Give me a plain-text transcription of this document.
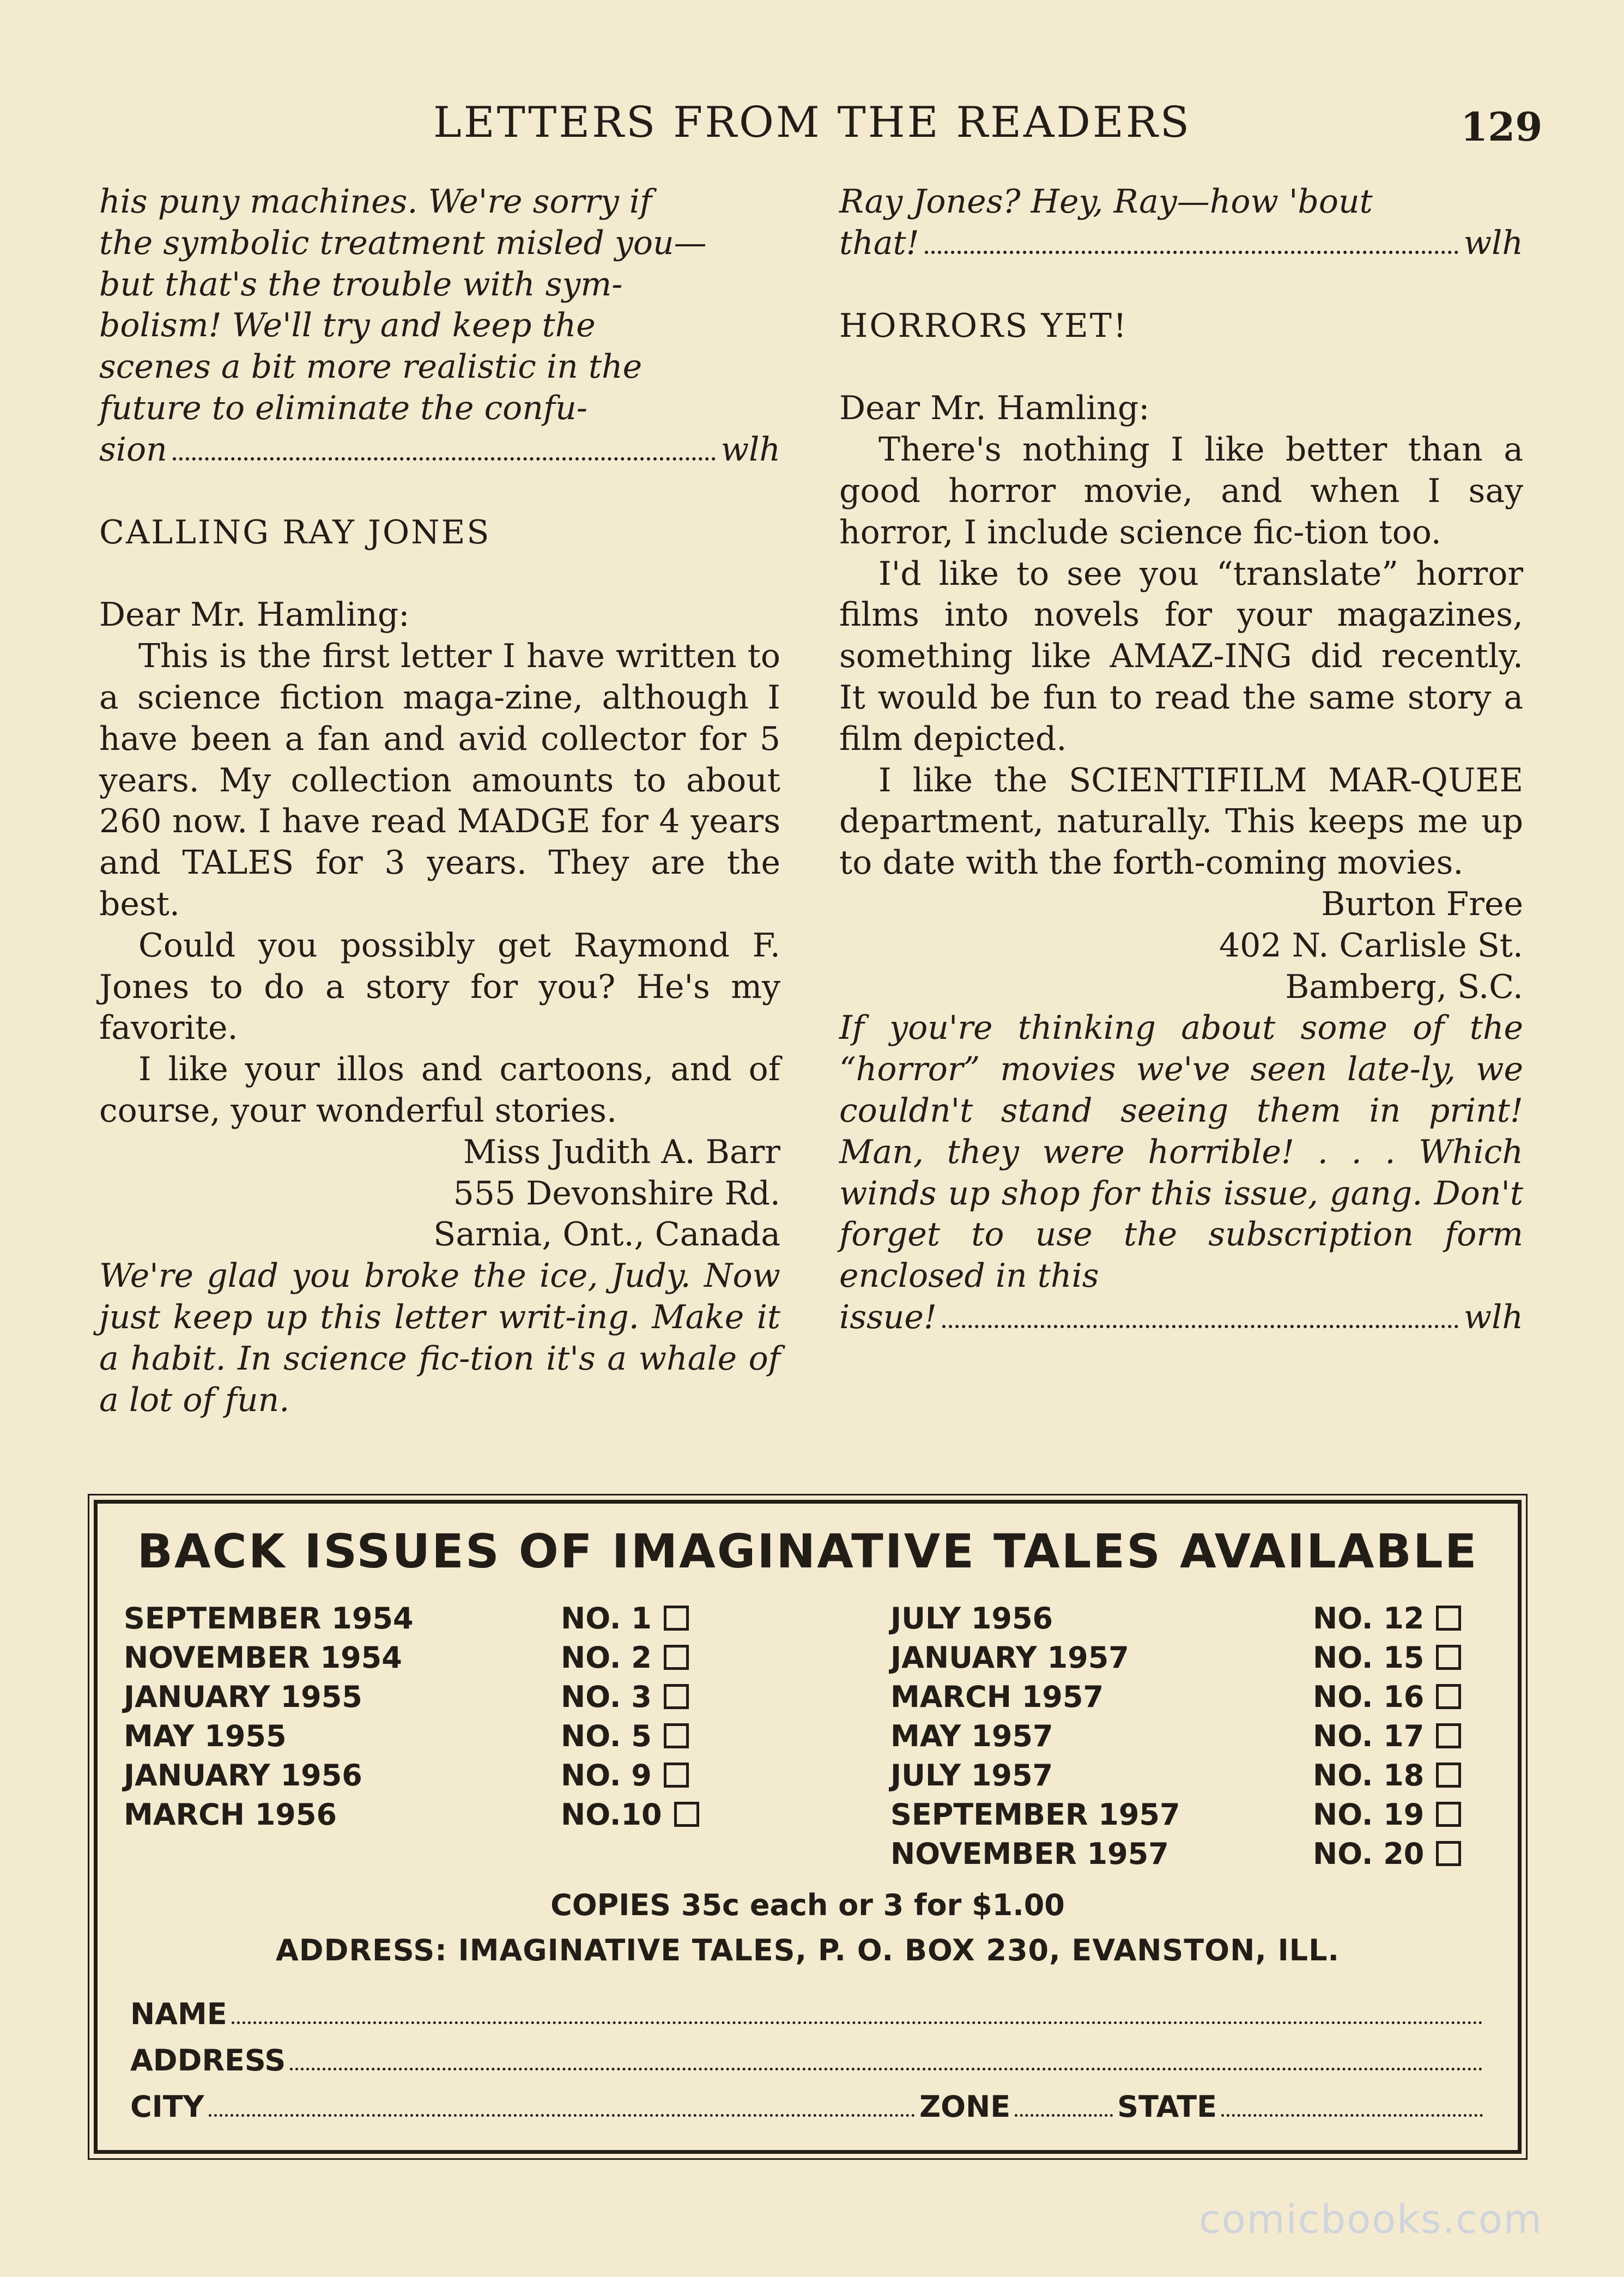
LETTERS FROM THE READERS	129

his puny machines. We're sorry if

the symbolic treatment misled you—

but that's the trouble with sym-

bolism! We'll try and keep the

scenes a bit more realistic in the

future to eliminate the confu-

sion	wlh

CALLING RAY JONES

Dear Mr. Hamling:

This is the first letter I have written to a science fiction maga-zine, although I have been a fan and avid collector for 5 years. My collection amounts to about 260 now. I have read MADGE for 4 years and TALES for 3 years. They are the best.

Could you possibly get Raymond F. Jones to do a story for you? He's my favorite.

I like your illos and cartoons, and of course, your wonderful stories.

Miss Judith A. Barr

555 Devonshire Rd.

Sarnia, Ont., Canada

We're glad you broke the ice, Judy. Now just keep up this letter writ-ing. Make it a habit. In science fic-tion it's a whale of a lot of fun.

Ray Jones? Hey, Ray—how 'bout

that!	wlh

HORRORS YET!

Dear Mr. Hamling:

There's nothing I like better than a good horror movie, and when I say horror, I include science fic-tion too.

I'd like to see you “translate” horror films into novels for your magazines, something like AMAZ-ING did recently. It would be fun to read the same story a film depicted.

I like the SCIENTIFILM MAR-QUEE department, naturally. This keeps me up to date with the forth-coming movies.

Burton Free

402 N. Carlisle St.

Bamberg, S.C.

If you're thinking about some of the “horror” movies we've seen late-ly, we couldn't stand seeing them in print! Man, they were horrible! . . . Which winds up shop for this issue, gang. Don't forget to use the subscription form enclosed in this

issue!	wlh
BACK ISSUES OF IMAGINATIVE TALES AVAILABLE
SEPTEMBER 1954	NO. 1
NOVEMBER 1954	NO. 2
JANUARY 1955	NO. 3
MAY 1955	NO. 5
JANUARY 1956	NO. 9
MARCH 1956	NO.10
JULY 1956	NO. 12
JANUARY 1957	NO. 15
MARCH 1957	NO. 16
MAY 1957	NO. 17
JULY 1957	NO. 18
SEPTEMBER 1957	NO. 19
NOVEMBER 1957	NO. 20
COPIES 35c each or 3 for $1.00
ADDRESS: IMAGINATIVE TALES, P. O. BOX 230, EVANSTON, ILL.
NAME
ADDRESS
CITY	ZONE	STATE
comicbooks.com
